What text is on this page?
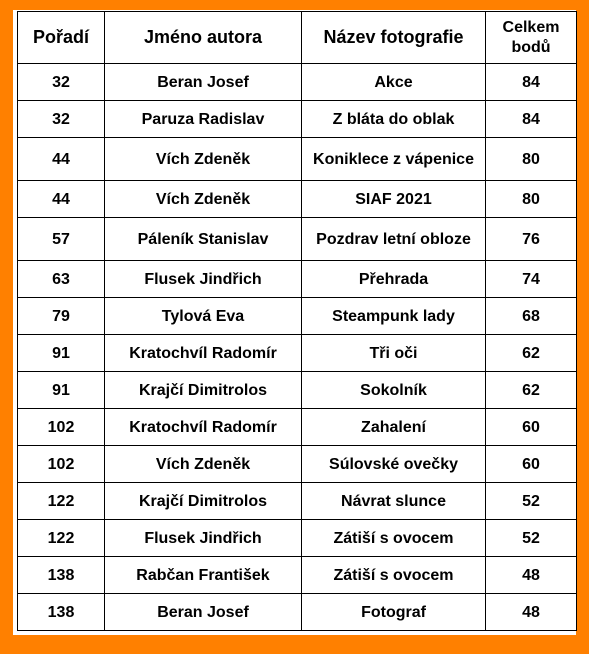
Pořadí	Jméno autora	Název fotografie	Celkem bodů
32	Beran Josef	Akce	84
32	Paruza Radislav	Z bláta do oblak	84
44	Vích Zdeněk	Koniklece z vápenice	80
44	Vích Zdeněk	SIAF 2021	80
57	Páleník Stanislav	Pozdrav letní obloze	76
63	Flusek Jindřich	Přehrada	74
79	Tylová Eva	Steampunk lady	68
91	Kratochvíl Radomír	Tři oči	62
91	Krajčí Dimitrolos	Sokolník	62
102	Kratochvíl Radomír	Zahalení	60
102	Vích Zdeněk	Súlovské ovečky	60
122	Krajčí Dimitrolos	Návrat slunce	52
122	Flusek Jindřich	Zátiší s ovocem	52
138	Rabčan František	Zátiší s ovocem	48
138	Beran Josef	Fotograf	48
